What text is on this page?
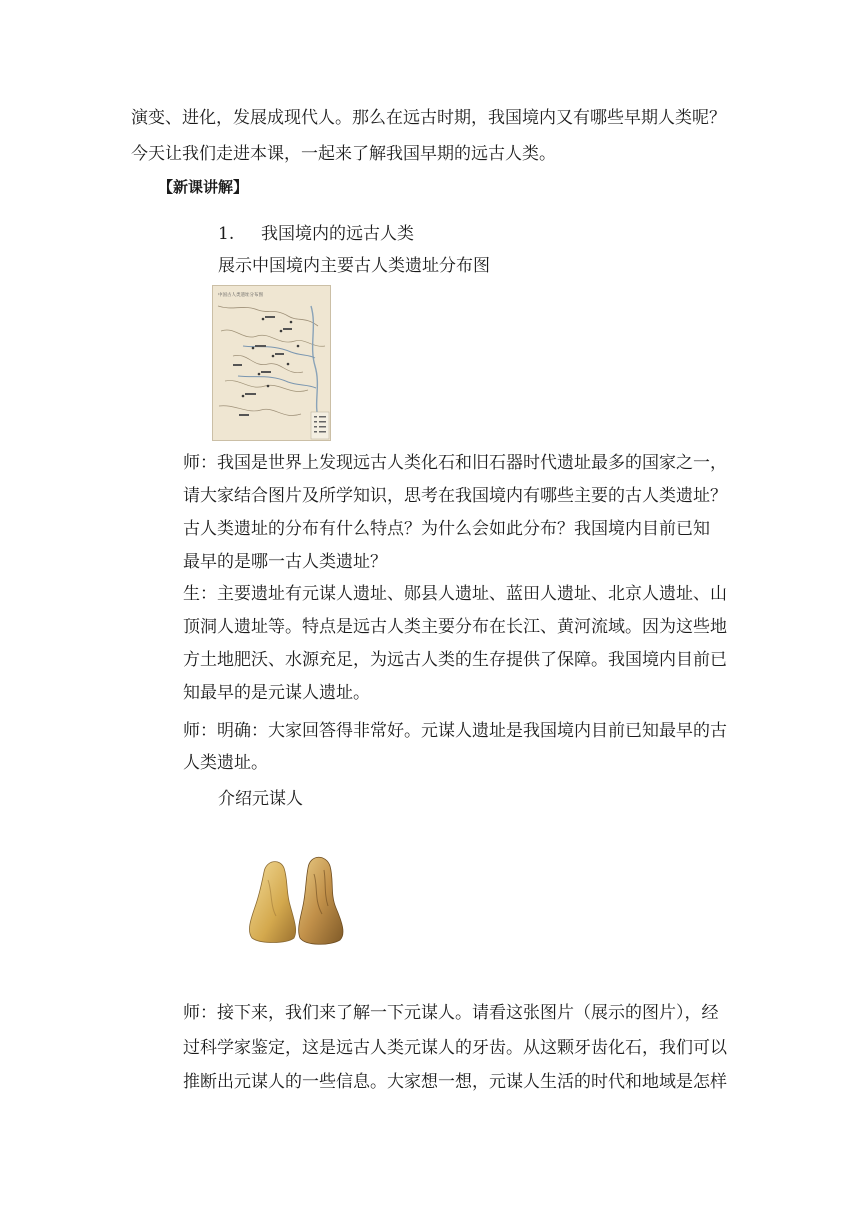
演变、进化，发展成现代人。那么在远古时期，我国境内又有哪些早期人类呢？
今天让我们走进本课，一起来了解我国早期的远古人类。
【新课讲解】
1. 我国境内的远古人类
展示中国境内主要古人类遗址分布图
中国古人类遗址分布图
师：我国是世界上发现远古人类化石和旧石器时代遗址最多的国家之一，
请大家结合图片及所学知识，思考在我国境内有哪些主要的古人类遗址？
古人类遗址的分布有什么特点？为什么会如此分布？我国境内目前已知
最早的是哪一古人类遗址？
生：主要遗址有元谋人遗址、郧县人遗址、蓝田人遗址、北京人遗址、山
顶洞人遗址等。特点是远古人类主要分布在长江、黄河流域。因为这些地
方土地肥沃、水源充足，为远古人类的生存提供了保障。我国境内目前已
知最早的是元谋人遗址。
师：明确：大家回答得非常好。元谋人遗址是我国境内目前已知最早的古
人类遗址。
介绍元谋人
师：接下来，我们来了解一下元谋人。请看这张图片（展示的图片），经
过科学家鉴定，这是远古人类元谋人的牙齿。从这颗牙齿化石，我们可以
推断出元谋人的一些信息。大家想一想，元谋人生活的时代和地域是怎样
